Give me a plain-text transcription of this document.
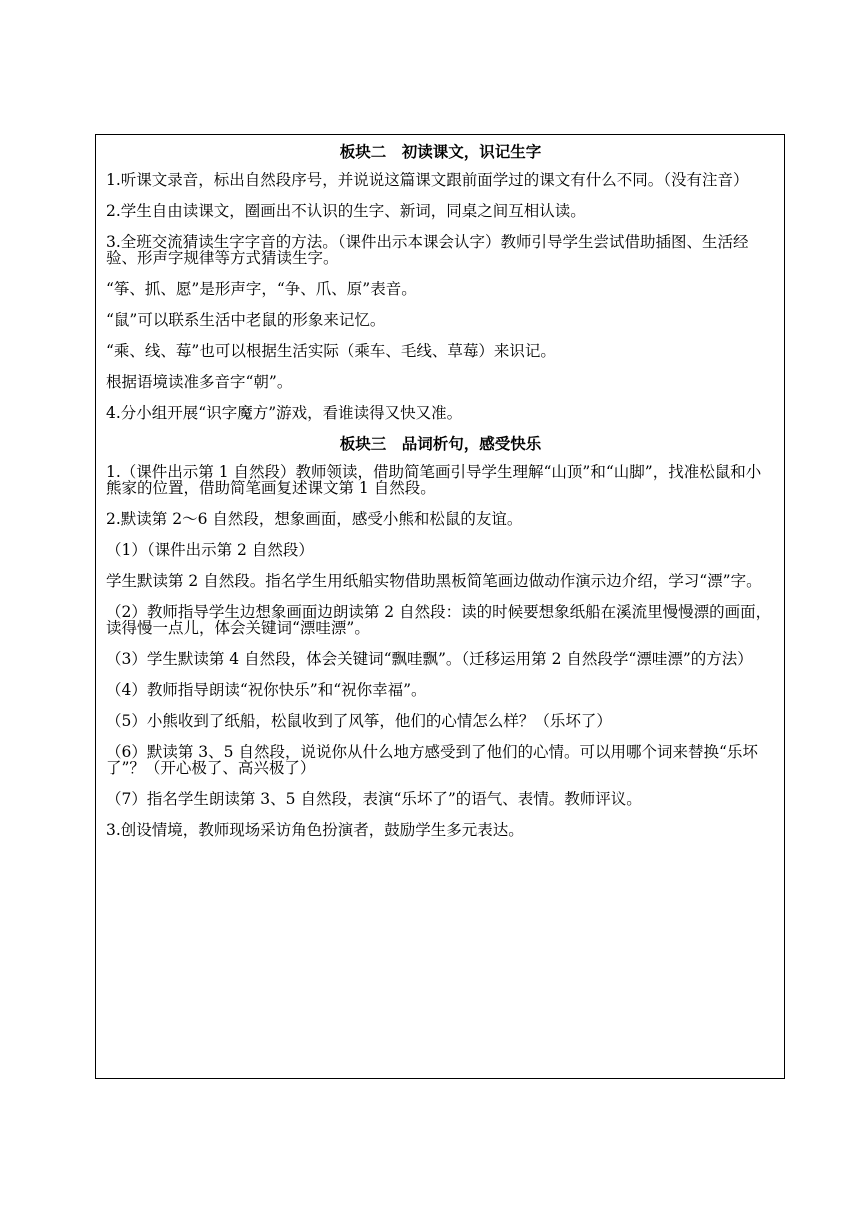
板块二　初读课文，识记生字
1.听课文录音，标出自然段序号，并说说这篇课文跟前面学过的课文有什么不同。（没有注音）
2.学生自由读课文，圈画出不认识的生字、新词，同桌之间互相认读。
3.全班交流猜读生字字音的方法。（课件出示本课会认字）教师引导学生尝试借助插图、生活经验、形声字规律等方式猜读生字。
“筝、抓、愿”是形声字，“争、爪、原”表音。
“鼠”可以联系生活中老鼠的形象来记忆。
“乘、线、莓”也可以根据生活实际（乘车、毛线、草莓）来识记。
根据语境读准多音字“朝”。
4.分小组开展“识字魔方”游戏，看谁读得又快又准。
板块三　品词析句，感受快乐
1.（课件出示第 1 自然段）教师领读，借助简笔画引导学生理解“山顶”和“山脚”，找准松鼠和小熊家的位置，借助简笔画复述课文第 1 自然段。
2.默读第 2～6 自然段，想象画面，感受小熊和松鼠的友谊。
（1）（课件出示第 2 自然段）
学生默读第 2 自然段。指名学生用纸船实物借助黑板简笔画边做动作演示边介绍，学习“漂”字。
（2）教师指导学生边想象画面边朗读第 2 自然段：读的时候要想象纸船在溪流里慢慢漂的画面，读得慢一点儿，体会关键词“漂哇漂”。
（3）学生默读第 4 自然段，体会关键词“飘哇飘”。（迁移运用第 2 自然段学“漂哇漂”的方法）
（4）教师指导朗读“祝你快乐”和“祝你幸福”。
（5）小熊收到了纸船，松鼠收到了风筝，他们的心情怎么样？（乐坏了）
（6）默读第 3、5 自然段，说说你从什么地方感受到了他们的心情。可以用哪个词来替换“乐坏了”？（开心极了、高兴极了）
（7）指名学生朗读第 3、5 自然段，表演“乐坏了”的语气、表情。教师评议。
3.创设情境，教师现场采访角色扮演者，鼓励学生多元表达。
